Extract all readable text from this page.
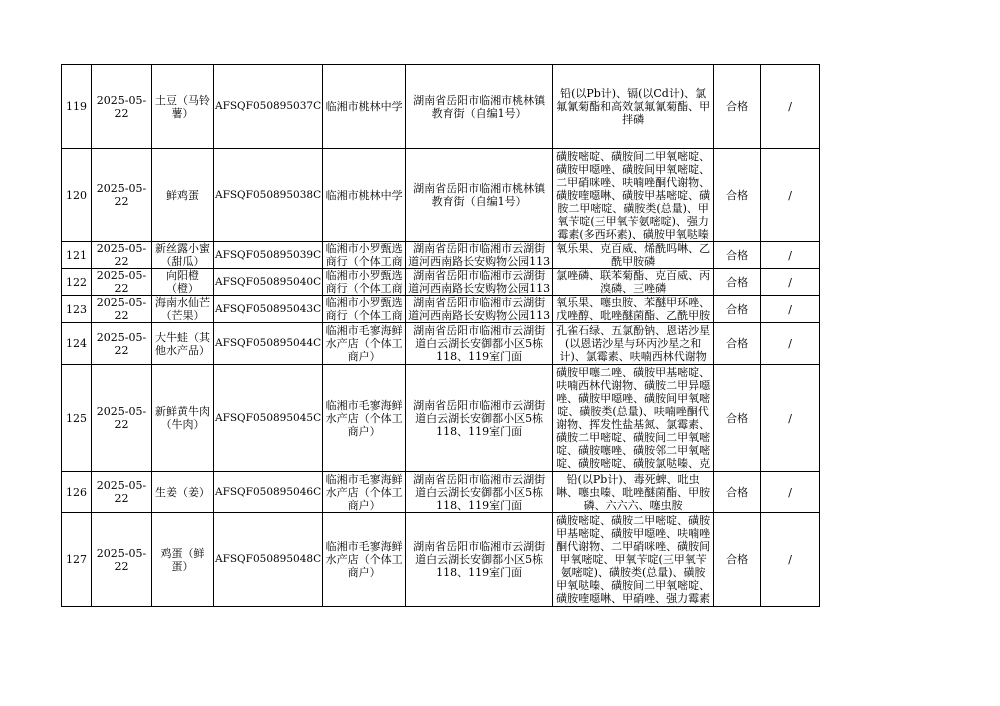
119	2025-05-22	土豆（马铃薯）	AFSQF050895037C	临湘市桃林中学	湖南省岳阳市临湘市桃林镇教育街（自编1号）	铅(以Pb计)、镉(以Cd计)、氯氟氰菊酯和高效氯氟氰菊酯、甲拌磷	合格	/
120	2025-05-22	鲜鸡蛋	AFSQF050895038C	临湘市桃林中学	湖南省岳阳市临湘市桃林镇教育街（自编1号）	磺胺嘧啶、磺胺间二甲氧嘧啶、磺胺甲噁唑、磺胺间甲氧嘧啶、二甲硝咪唑、呋喃唑酮代谢物、磺胺喹噁啉、磺胺甲基嘧啶、磺胺二甲嘧啶、磺胺类(总量)、甲氧苄啶(三甲氧苄氨嘧啶)、强力霉素(多西环素)、磺胺甲氧哒嗪	合格	/
121	2025-05-22	新丝露小蜜（甜瓜）	AFSQF050895039C	临湘市小罗甄选商行（个体工商	湖南省岳阳市临湘市云湖街道河西南路长安购物公园113	氧乐果、克百威、烯酰吗啉、乙酰甲胺磷	合格	/
122	2025-05-22	向阳橙（橙）	AFSQF050895040C	临湘市小罗甄选商行（个体工商	湖南省岳阳市临湘市云湖街道河西南路长安购物公园113	氯唑磷、联苯菊酯、克百威、丙溴磷、三唑磷	合格	/
123	2025-05-22	海南水仙芒（芒果）	AFSQF050895043C	临湘市小罗甄选商行（个体工商	湖南省岳阳市临湘市云湖街道河西南路长安购物公园113	氧乐果、噻虫胺、苯醚甲环唑、戊唑醇、吡唑醚菌酯、乙酰甲胺	合格	/
124	2025-05-22	大牛蛙（其他水产品）	AFSQF050895044C	临湘市毛寥海鲜水产店（个体工商户）	湖南省岳阳市临湘市云湖街道白云湖长安御都小区5栋118、119室门面	孔雀石绿、五氯酚钠、恩诺沙星(以恩诺沙星与环丙沙星之和计)、氯霉素、呋喃西林代谢物	合格	/
125	2025-05-22	新鲜黄牛肉（牛肉）	AFSQF050895045C	临湘市毛寥海鲜水产店（个体工商户）	湖南省岳阳市临湘市云湖街道白云湖长安御都小区5栋118、119室门面	磺胺甲噻二唑、磺胺甲基嘧啶、呋喃西林代谢物、磺胺二甲异噁唑、磺胺甲噁唑、磺胺间甲氧嘧啶、磺胺类(总量)、呋喃唑酮代谢物、挥发性盐基氮、氯霉素、磺胺二甲嘧啶、磺胺间二甲氧嘧啶、磺胺噻唑、磺胺邻二甲氧嘧啶、磺胺嘧啶、磺胺氯哒嗪、克	合格	/
126	2025-05-22	生姜（姜）	AFSQF050895046C	临湘市毛寥海鲜水产店（个体工商户）	湖南省岳阳市临湘市云湖街道白云湖长安御都小区5栋118、119室门面	铅(以Pb计)、毒死蜱、吡虫啉、噻虫嗪、吡唑醚菌酯、甲胺磷、六六六、噻虫胺	合格	/
127	2025-05-22	鸡蛋（鲜蛋）	AFSQF050895048C	临湘市毛寥海鲜水产店（个体工商户）	湖南省岳阳市临湘市云湖街道白云湖长安御都小区5栋118、119室门面	磺胺嘧啶、磺胺二甲嘧啶、磺胺甲基嘧啶、磺胺甲噁唑、呋喃唑酮代谢物、二甲硝咪唑、磺胺间甲氧嘧啶、甲氧苄啶(三甲氧苄氨嘧啶)、磺胺类(总量)、磺胺甲氧哒嗪、磺胺间二甲氧嘧啶、磺胺喹噁啉、甲硝唑、强力霉素	合格	/
